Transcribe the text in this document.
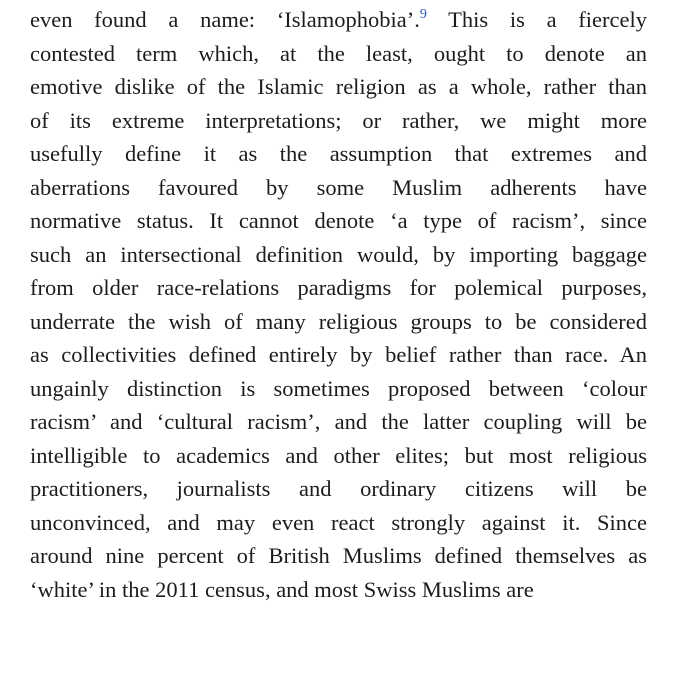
even found a name: ‘Islamophobia’.$^9$ This is a fiercely
contested term which, at the least, ought to denote an
emotive dislike of the Islamic religion as a whole, rather than
of its extreme interpretations; or rather, we might more
usefully define it as the assumption that extremes and
aberrations favoured by some Muslim adherents have
normative status. It cannot denote ‘a type of racism’, since
such an intersectional definition would, by importing baggage
from older race-relations paradigms for polemical purposes,
underrate the wish of many religious groups to be considered
as collectivities defined entirely by belief rather than race. An
ungainly distinction is sometimes proposed between ‘colour
racism’ and ‘cultural racism’, and the latter coupling will be
intelligible to academics and other elites; but most religious
practitioners, journalists and ordinary citizens will be
unconvinced, and may even react strongly against it. Since
around nine percent of British Muslims defined themselves as
‘white’ in the 2011 census, and most Swiss Muslims are
